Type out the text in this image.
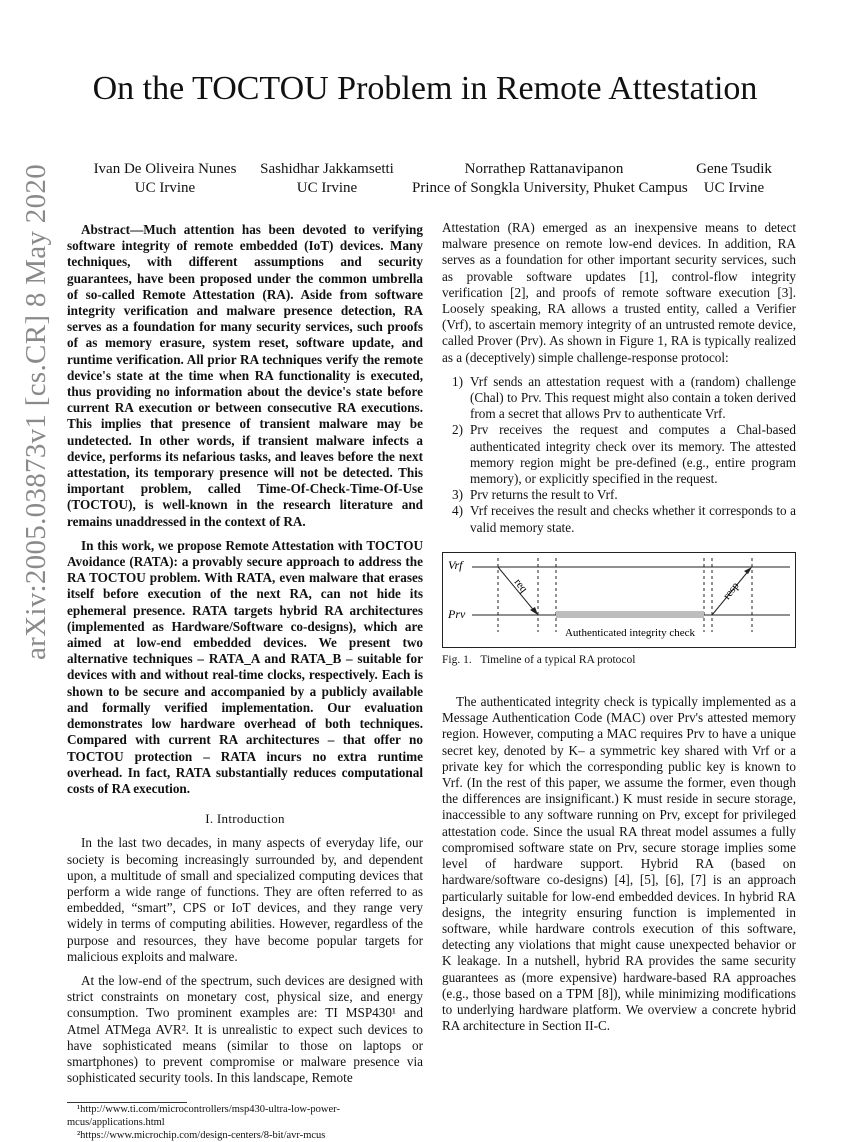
arXiv:2005.03873v1 [cs.CR] 8 May 2020
On the TOCTOU Problem in Remote Attestation
Ivan De Oliveira Nunes
UC Irvine
Sashidhar Jakkamsetti
UC Irvine
Norrathep Rattanavipanon
Prince of Songkla University, Phuket Campus
Gene Tsudik
UC Irvine

Abstract—Much attention has been devoted to verifying software integrity of remote embedded (IoT) devices. Many techniques, with different assumptions and security guarantees, have been proposed under the common umbrella of so-called Remote Attestation (RA). Aside from software integrity verification and malware presence detection, RA serves as a foundation for many security services, such proofs of as memory erasure, system reset, software update, and runtime verification. All prior RA techniques verify the remote device's state at the time when RA functionality is executed, thus providing no information about the device's state before current RA execution or between consecutive RA executions. This implies that presence of transient malware may be undetected. In other words, if transient malware infects a device, performs its nefarious tasks, and leaves before the next attestation, its temporary presence will not be detected. This important problem, called Time-Of-Check-Time-Of-Use (TOCTOU), is well-known in the research literature and remains unaddressed in the context of RA.

In this work, we propose Remote Attestation with TOCTOU Avoidance (RATA): a provably secure approach to address the RA TOCTOU problem. With RATA, even malware that erases itself before execution of the next RA, can not hide its ephemeral presence. RATA targets hybrid RA architectures (implemented as Hardware/Software co-designs), which are aimed at low-end embedded devices. We present two alternative techniques – RATA_A and RATA_B – suitable for devices with and without real-time clocks, respectively. Each is shown to be secure and accompanied by a publicly available and formally verified implementation. Our evaluation demonstrates low hardware overhead of both techniques. Compared with current RA architectures – that offer no TOCTOU protection – RATA incurs no extra runtime overhead. In fact, RATA substantially reduces computational costs of RA execution.

I. Introduction

In the last two decades, in many aspects of everyday life, our society is becoming increasingly surrounded by, and dependent upon, a multitude of small and specialized computing devices that perform a wide range of functions. They are often referred to as embedded, “smart”, CPS or IoT devices, and they range very widely in terms of computing abilities. However, regardless of the purpose and resources, they have become popular targets for malicious exploits and malware.

At the low-end of the spectrum, such devices are designed with strict constraints on monetary cost, physical size, and energy consumption. Two prominent examples are: TI MSP430¹ and Atmel ATMega AVR². It is unrealistic to expect such devices to have sophisticated means (similar to those on laptops or smartphones) to prevent compromise or malware presence via sophisticated security tools. In this landscape, Remote

¹http://www.ti.com/microcontrollers/msp430-ultra-low-power-mcus/applications.html

²https://www.microchip.com/design-centers/8-bit/avr-mcus

Attestation (RA) emerged as an inexpensive means to detect malware presence on remote low-end devices. In addition, RA serves as a foundation for other important security services, such as provable software updates [1], control-flow integrity verification [2], and proofs of remote software execution [3]. Loosely speaking, RA allows a trusted entity, called a Verifier (Vrf), to ascertain memory integrity of an untrusted remote device, called Prover (Prv). As shown in Figure 1, RA is typically realized as a (deceptively) simple challenge-response protocol:

1) Vrf sends an attestation request with a (random) challenge (Chal) to Prv. This request might also contain a token derived from a secret that allows Prv to authenticate Vrf.
2) Prv receives the request and computes a Chal-based authenticated integrity check over its memory. The attested memory region might be pre-defined (e.g., entire program memory), or explicitly specified in the request.
3) Prv returns the result to Vrf.
4) Vrf receives the result and checks whether it corresponds to a valid memory state.
Vrf
Prv
req	resp
Authenticated integrity check
Fig. 1. Timeline of a typical RA protocol

The authenticated integrity check is typically implemented as a Message Authentication Code (MAC) over Prv's attested memory region. However, computing a MAC requires Prv to have a unique secret key, denoted by K– a symmetric key shared with Vrf or a private key for which the corresponding public key is known to Vrf. (In the rest of this paper, we assume the former, even though the differences are insignificant.) K must reside in secure storage, inaccessible to any software running on Prv, except for privileged attestation code. Since the usual RA threat model assumes a fully compromised software state on Prv, secure storage implies some level of hardware support. Hybrid RA (based on hardware/software co-designs) [4], [5], [6], [7] is an approach particularly suitable for low-end embedded devices. In hybrid RA designs, the integrity ensuring function is implemented in software, while hardware controls execution of this software, detecting any violations that might cause unexpected behavior or K leakage. In a nutshell, hybrid RA provides the same security guarantees as (more expensive) hardware-based RA approaches (e.g., those based on a TPM [8]), while minimizing modifications to underlying hardware platform. We overview a concrete hybrid RA architecture in Section II-C.
